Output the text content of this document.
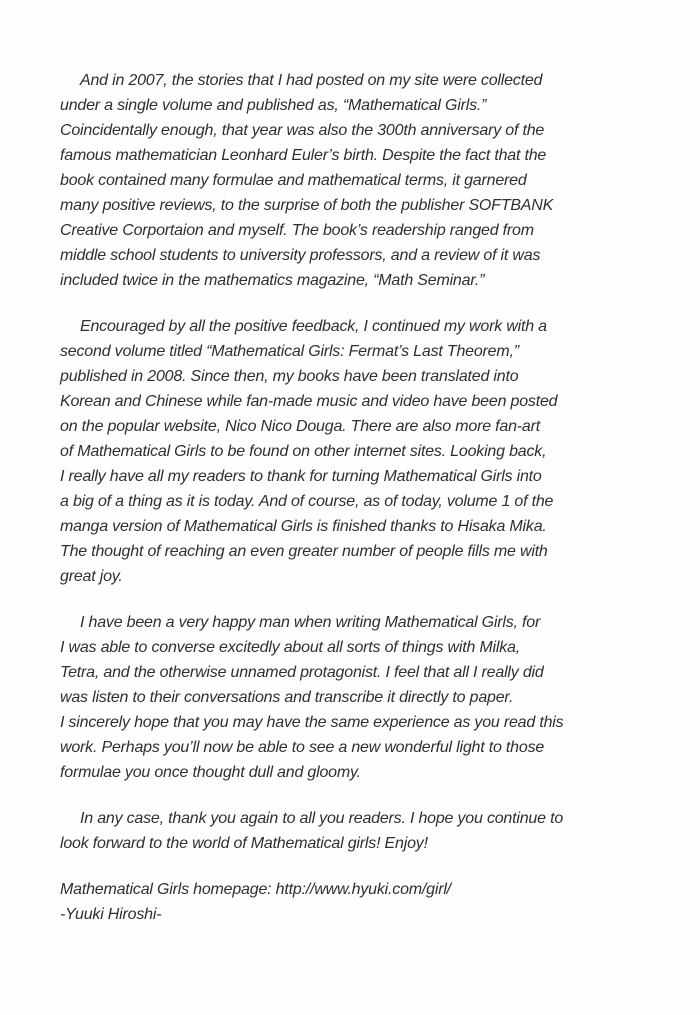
And in 2007, the stories that I had posted on my site were collected
under a single volume and published as, “Mathematical Girls.”
Coincidentally enough, that year was also the 300th anniversary of the
famous mathematician Leonhard Euler’s birth. Despite the fact that the
book contained many formulae and mathematical terms, it garnered
many positive reviews, to the surprise of both the publisher SOFTBANK
Creative Corportaion and myself. The book’s readership ranged from
middle school students to university professors, and a review of it was
included twice in the mathematics magazine, “Math Seminar.”
Encouraged by all the positive feedback, I continued my work with a
second volume titled “Mathematical Girls: Fermat’s Last Theorem,”
published in 2008. Since then, my books have been translated into
Korean and Chinese while fan-made music and video have been posted
on the popular website, Nico Nico Douga. There are also more fan-art
of Mathematical Girls to be found on other internet sites. Looking back,
I really have all my readers to thank for turning Mathematical Girls into
a big of a thing as it is today. And of course, as of today, volume 1 of the
manga version of Mathematical Girls is finished thanks to Hisaka Mika.
The thought of reaching an even greater number of people fills me with
great joy.
I have been a very happy man when writing Mathematical Girls, for
I was able to converse excitedly about all sorts of things with Milka,
Tetra, and the otherwise unnamed protagonist. I feel that all I really did
was listen to their conversations and transcribe it directly to paper.
I sincerely hope that you may have the same experience as you read this
work. Perhaps you’ll now be able to see a new wonderful light to those
formulae you once thought dull and gloomy.
In any case, thank you again to all you readers. I hope you continue to
look forward to the world of Mathematical girls! Enjoy!
Mathematical Girls homepage: http://www.hyuki.com/girl/
-Yuuki Hiroshi-
